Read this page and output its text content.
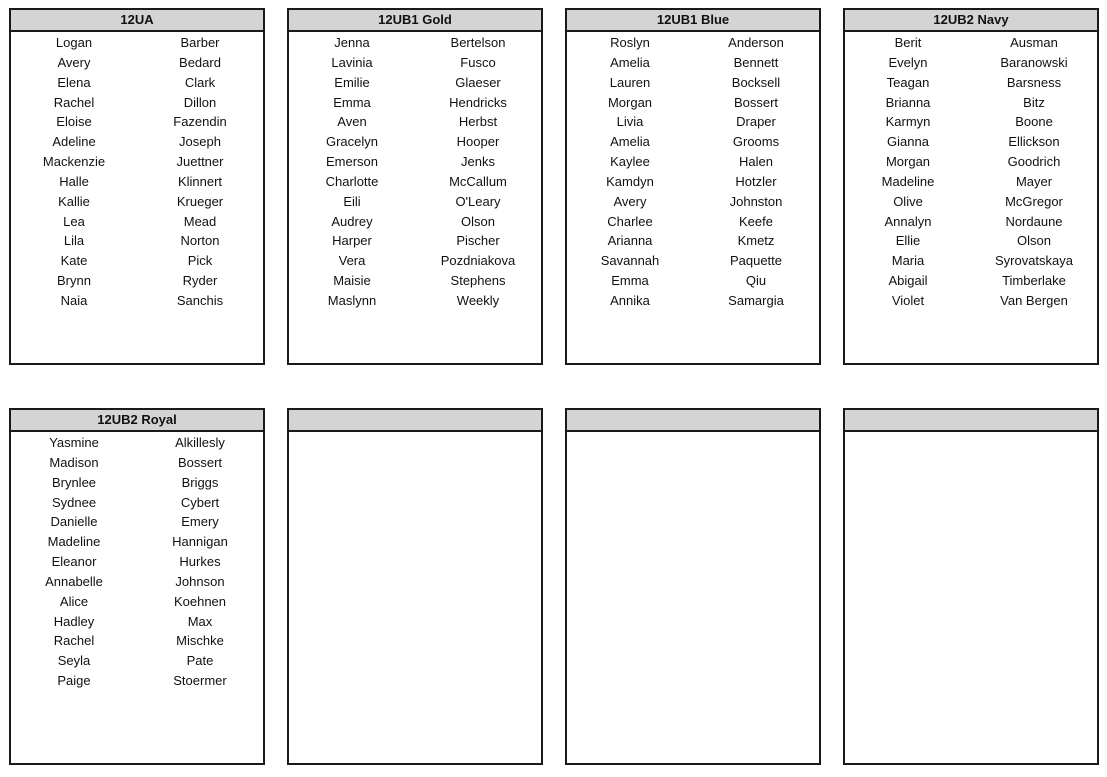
12UA
Logan	Barber
Avery	Bedard
Elena	Clark
Rachel	Dillon
Eloise	Fazendin
Adeline	Joseph
Mackenzie	Juettner
Halle	Klinnert
Kallie	Krueger
Lea	Mead
Lila	Norton
Kate	Pick
Brynn	Ryder
Naia	Sanchis
12UB1 Gold
Jenna	Bertelson
Lavinia	Fusco
Emilie	Glaeser
Emma	Hendricks
Aven	Herbst
Gracelyn	Hooper
Emerson	Jenks
Charlotte	McCallum
Eili	O'Leary
Audrey	Olson
Harper	Pischer
Vera	Pozdniakova
Maisie	Stephens
Maslynn	Weekly
12UB1 Blue
Roslyn	Anderson
Amelia	Bennett
Lauren	Bocksell
Morgan	Bossert
Livia	Draper
Amelia	Grooms
Kaylee	Halen
Kamdyn	Hotzler
Avery	Johnston
Charlee	Keefe
Arianna	Kmetz
Savannah	Paquette
Emma	Qiu
Annika	Samargia
12UB2 Navy
Berit	Ausman
Evelyn	Baranowski
Teagan	Barsness
Brianna	Bitz
Karmyn	Boone
Gianna	Ellickson
Morgan	Goodrich
Madeline	Mayer
Olive	McGregor
Annalyn	Nordaune
Ellie	Olson
Maria	Syrovatskaya
Abigail	Timberlake
Violet	Van Bergen
12UB2 Royal
Yasmine	Alkillesly
Madison	Bossert
Brynlee	Briggs
Sydnee	Cybert
Danielle	Emery
Madeline	Hannigan
Eleanor	Hurkes
Annabelle	Johnson
Alice	Koehnen
Hadley	Max
Rachel	Mischke
Seyla	Pate
Paige	Stoermer
